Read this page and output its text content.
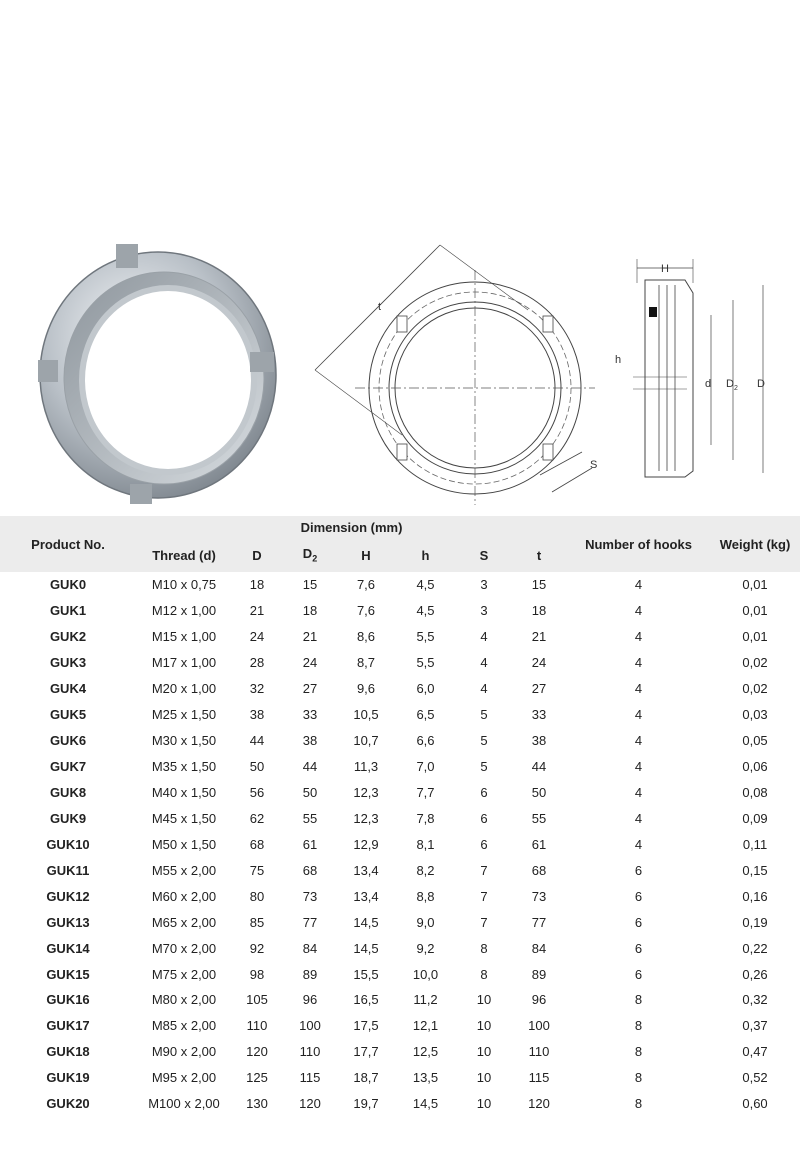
t
S
H
h
d $D_2$ D
Product No.	Dimension (mm)							Number of hooks	Weight (kg)
	Thread (d)	D	$D_2$	H	h	S	t		
GUK0	M10 x 0,75	18	15	7,6	4,5	3	15	4	0,01
GUK1	M12 x 1,00	21	18	7,6	4,5	3	18	4	0,01
GUK2	M15 x 1,00	24	21	8,6	5,5	4	21	4	0,01
GUK3	M17 x 1,00	28	24	8,7	5,5	4	24	4	0,02
GUK4	M20 x 1,00	32	27	9,6	6,0	4	27	4	0,02
GUK5	M25 x 1,50	38	33	10,5	6,5	5	33	4	0,03
GUK6	M30 x 1,50	44	38	10,7	6,6	5	38	4	0,05
GUK7	M35 x 1,50	50	44	11,3	7,0	5	44	4	0,06
GUK8	M40 x 1,50	56	50	12,3	7,7	6	50	4	0,08
GUK9	M45 x 1,50	62	55	12,3	7,8	6	55	4	0,09
GUK10	M50 x 1,50	68	61	12,9	8,1	6	61	4	0,11
GUK11	M55 x 2,00	75	68	13,4	8,2	7	68	6	0,15
GUK12	M60 x 2,00	80	73	13,4	8,8	7	73	6	0,16
GUK13	M65 x 2,00	85	77	14,5	9,0	7	77	6	0,19
GUK14	M70 x 2,00	92	84	14,5	9,2	8	84	6	0,22
GUK15	M75 x 2,00	98	89	15,5	10,0	8	89	6	0,26
GUK16	M80 x 2,00	105	96	16,5	11,2	10	96	8	0,32
GUK17	M85 x 2,00	110	100	17,5	12,1	10	100	8	0,37
GUK18	M90 x 2,00	120	110	17,7	12,5	10	110	8	0,47
GUK19	M95 x 2,00	125	115	18,7	13,5	10	115	8	0,52
GUK20	M100 x 2,00	130	120	19,7	14,5	10	120	8	0,60
